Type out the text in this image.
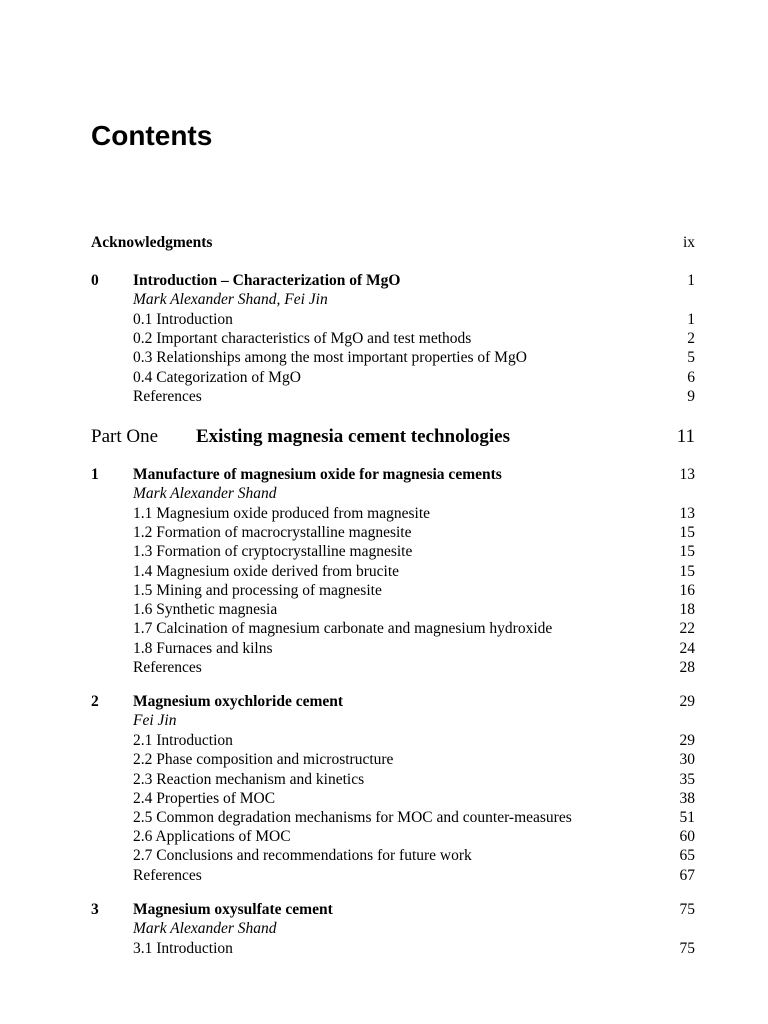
Contents
Acknowledgments	ix
0 Introduction – Characterization of MgO	1
Mark Alexander Shand, Fei Jin
0.1 Introduction	1
0.2 Important characteristics of MgO and test methods	2
0.3 Relationships among the most important properties of MgO	5
0.4 Categorization of MgO	6
References	9
Part One Existing magnesia cement technologies	11
1 Manufacture of magnesium oxide for magnesia cements	13
Mark Alexander Shand
1.1 Magnesium oxide produced from magnesite	13
1.2 Formation of macrocrystalline magnesite	15
1.3 Formation of cryptocrystalline magnesite	15
1.4 Magnesium oxide derived from brucite	15
1.5 Mining and processing of magnesite	16
1.6 Synthetic magnesia	18
1.7 Calcination of magnesium carbonate and magnesium hydroxide	22
1.8 Furnaces and kilns	24
References	28
2 Magnesium oxychloride cement	29
Fei Jin
2.1 Introduction	29
2.2 Phase composition and microstructure	30
2.3 Reaction mechanism and kinetics	35
2.4 Properties of MOC	38
2.5 Common degradation mechanisms for MOC and counter-measures	51
2.6 Applications of MOC	60
2.7 Conclusions and recommendations for future work	65
References	67
3 Magnesium oxysulfate cement	75
Mark Alexander Shand
3.1 Introduction	75
